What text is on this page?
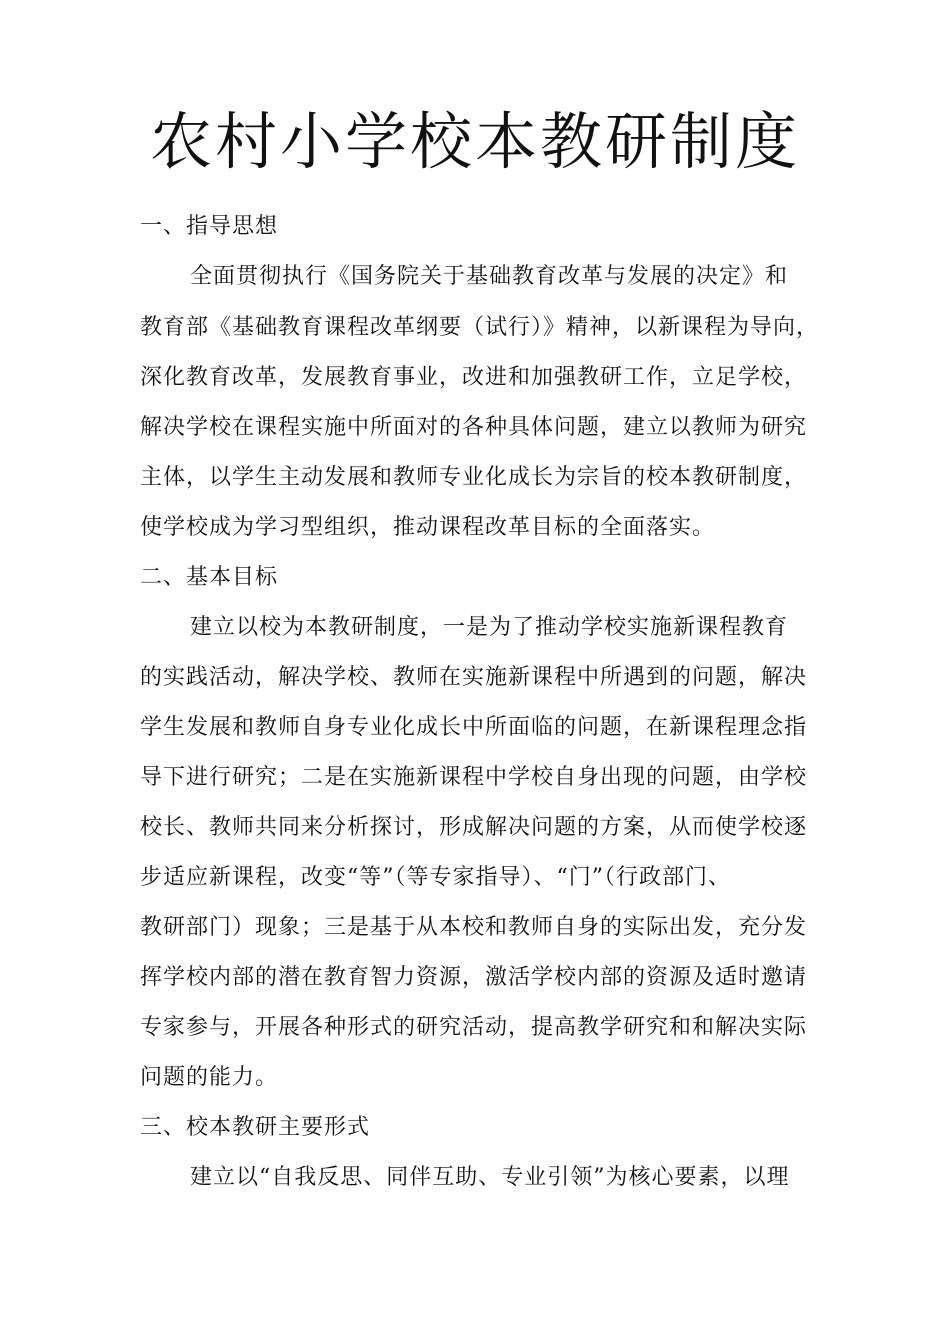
农村小学校本教研制度
一、指导思想
全面贯彻执行《国务院关于基础教育改革与发展的决定》和
教育部《基础教育课程改革纲要（试行）》精神，以新课程为导向，
深化教育改革，发展教育事业，改进和加强教研工作，立足学校，
解决学校在课程实施中所面对的各种具体问题，建立以教师为研究
主体，以学生主动发展和教师专业化成长为宗旨的校本教研制度，
使学校成为学习型组织，推动课程改革目标的全面落实。
二、基本目标
建立以校为本教研制度，一是为了推动学校实施新课程教育
的实践活动，解决学校、教师在实施新课程中所遇到的问题，解决
学生发展和教师自身专业化成长中所面临的问题，在新课程理念指
导下进行研究；二是在实施新课程中学校自身出现的问题，由学校
校长、教师共同来分析探讨，形成解决问题的方案，从而使学校逐
步适应新课程，改变“等”（等专家指导）、“门”（行政部门、
教研部门）现象；三是基于从本校和教师自身的实际出发，充分发
挥学校内部的潜在教育智力资源，激活学校内部的资源及适时邀请
专家参与，开展各种形式的研究活动，提高教学研究和和解决实际
问题的能力。
三、校本教研主要形式
建立以“自我反思、同伴互助、专业引领”为核心要素，以理
